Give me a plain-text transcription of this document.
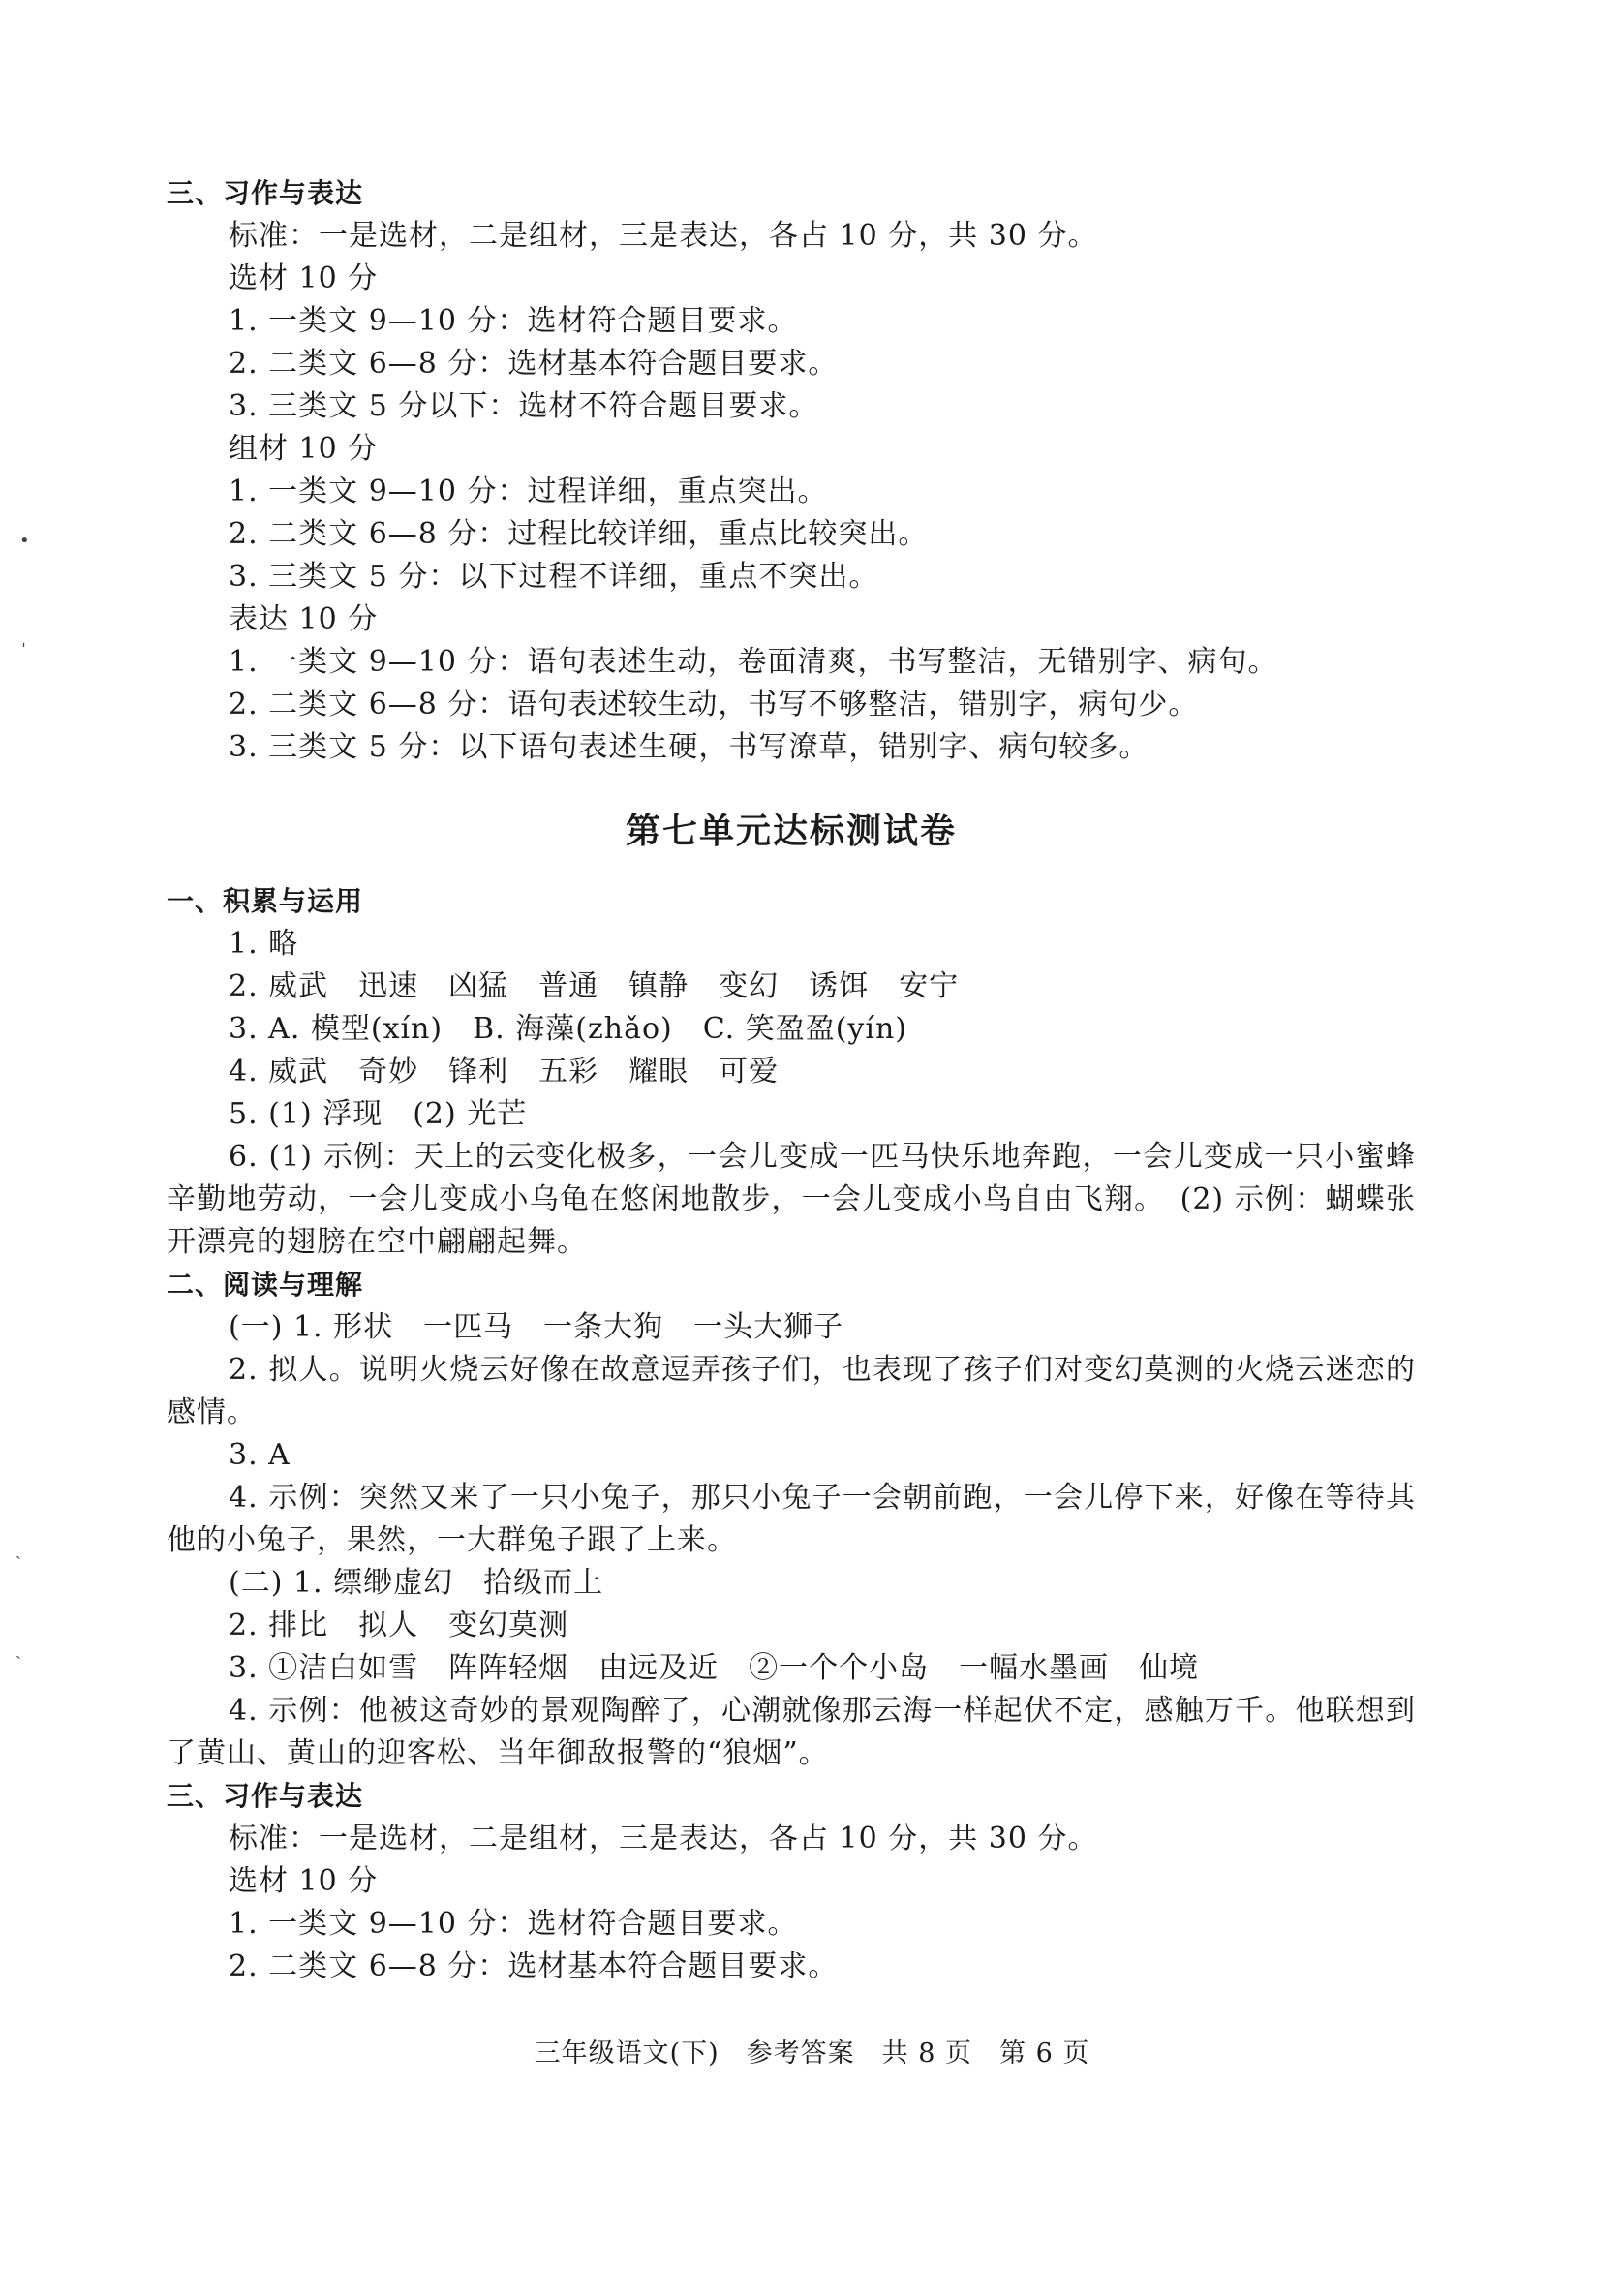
三、习作与表达
标准：一是选材，二是组材，三是表达，各占 10 分，共 30 分。
选材 10 分
1. 一类文 9—10 分：选材符合题目要求。
2. 二类文 6—8 分：选材基本符合题目要求。
3. 三类文 5 分以下：选材不符合题目要求。
组材 10 分
1. 一类文 9—10 分：过程详细，重点突出。
2. 二类文 6—8 分：过程比较详细，重点比较突出。
3. 三类文 5 分：以下过程不详细，重点不突出。
表达 10 分
1. 一类文 9—10 分：语句表述生动，卷面清爽，书写整洁，无错别字、病句。
2. 二类文 6—8 分：语句表述较生动，书写不够整洁，错别字，病句少。
3. 三类文 5 分：以下语句表述生硬，书写潦草，错别字、病句较多。
第七单元达标测试卷
一、积累与运用
1. 略
2. 威武　迅速　凶猛　普通　镇静　变幻　诱饵　安宁
3. A. 模型(xín)　B. 海藻(zhǎo)　C. 笑盈盈(yín)
4. 威武　奇妙　锋利　五彩　耀眼　可爱
5. (1) 浮现　(2) 光芒
6. (1) 示例：天上的云变化极多，一会儿变成一匹马快乐地奔跑，一会儿变成一只小蜜蜂辛勤地劳动，一会儿变成小乌龟在悠闲地散步，一会儿变成小鸟自由飞翔。　(2) 示例：蝴蝶张开漂亮的翅膀在空中翩翩起舞。
二、阅读与理解
(一) 1. 形状　一匹马　一条大狗　一头大狮子
2. 拟人。说明火烧云好像在故意逗弄孩子们，也表现了孩子们对变幻莫测的火烧云迷恋的感情。
3. A
4. 示例：突然又来了一只小兔子，那只小兔子一会朝前跑，一会儿停下来，好像在等待其他的小兔子，果然，一大群兔子跟了上来。
(二) 1. 缥缈虚幻　拾级而上
2. 排比　拟人　变幻莫测
3. ①洁白如雪　阵阵轻烟　由远及近　②一个个小岛　一幅水墨画　仙境
4. 示例：他被这奇妙的景观陶醉了，心潮就像那云海一样起伏不定，感触万千。他联想到了黄山、黄山的迎客松、当年御敌报警的“狼烟”。
三、习作与表达
标准：一是选材，二是组材，三是表达，各占 10 分，共 30 分。
选材 10 分
1. 一类文 9—10 分：选材符合题目要求。
2. 二类文 6—8 分：选材基本符合题目要求。
•
ˌ
ˏ
ˎ
三年级语文(下)　参考答案　共 8 页　第 6 页
